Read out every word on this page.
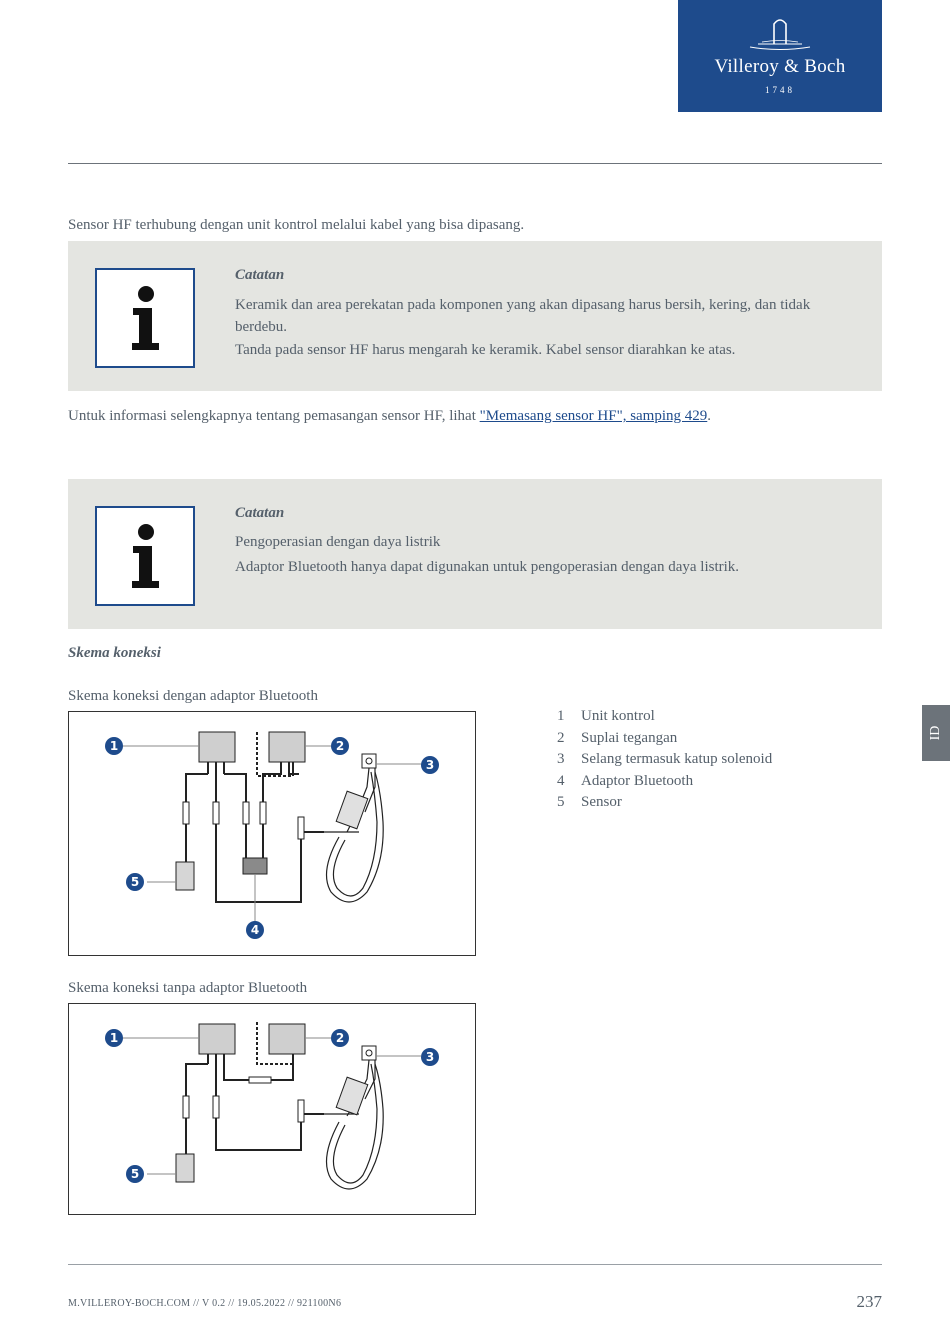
Villeroy & Boch
1748
Sensor HF terhubung dengan unit kontrol melalui kabel yang bisa dipasang.
Catatan
Keramik dan area perekatan pada komponen yang akan dipasang harus bersih, kering, dan tidak berdebu.
Tanda pada sensor HF harus mengarah ke keramik. Kabel sensor diarahkan ke atas.
Untuk informasi selengkapnya tentang pemasangan sensor HF, lihat "Memasang sensor HF", samping 429.
Catatan
Pengoperasian dengan daya listrik
Adaptor Bluetooth hanya dapat digunakan untuk pengoperasian dengan daya listrik.
Skema koneksi
Skema koneksi dengan adaptor Bluetooth
1	2
3
4
5
1 Unit kontrol
2 Suplai tegangan
3 Selang termasuk katup solenoid
4 Adaptor Bluetooth
5 Sensor
ID
Skema koneksi tanpa adaptor Bluetooth
1	2
3
5
M.VILLEROY-BOCH.COM // V 0.2 // 19.05.2022 // 921100N6	237
